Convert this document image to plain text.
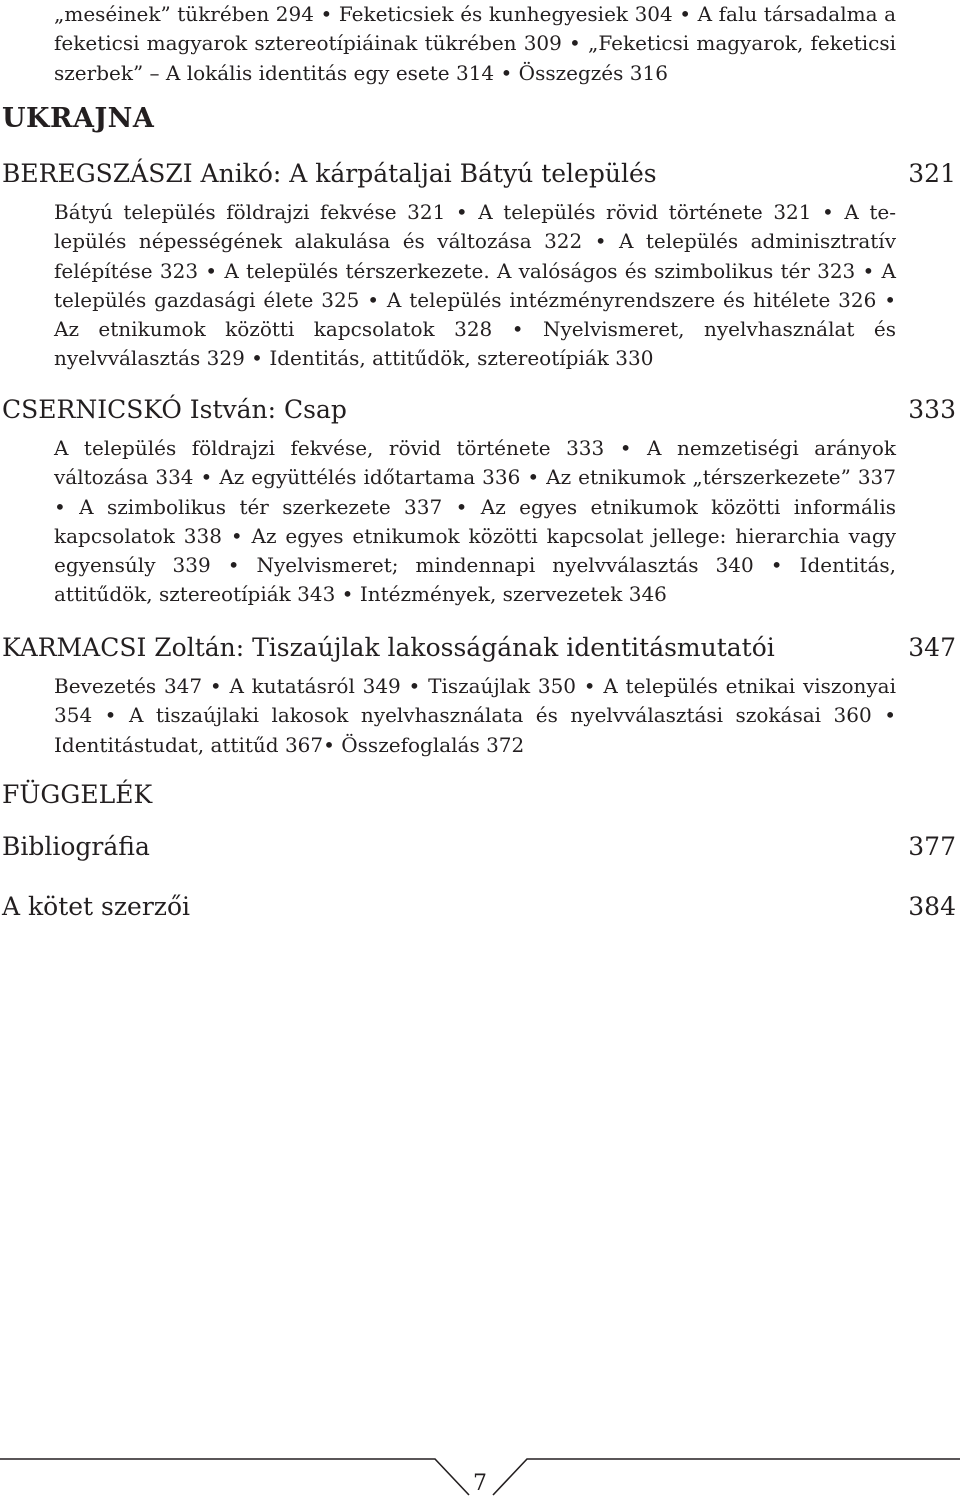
„meséinek” tükrében 294 • Feketicsiek és kunhegyesiek 304 • A falu társadalma a feketicsi magyarok sztereotípiáinak tükrében 309 • „Feketicsi magyarok, feketicsi szerbek” – A lokális identitás egy esete 314 • Összegzés 316

UKRAJNA

BEREGSZÁSZI Anikó: A kárpátaljai Bátyú település	321

Bátyú település földrajzi fekvése 321 • A település rövid története 321 • A település népességének alakulása és változása 322 • A település adminisztratív felépítése 323 • A település térszerkezete. A valóságos és szimbolikus tér 323 • A település gazdasági élete 325 • A település intézményrendszere és hitélete 326 • Az etnikumok közötti kapcsolatok 328 • Nyelvismeret, nyelvhasználat és nyelvválasztás 329 • Identitás, attitűdök, sztereotípiák 330

CSERNICSKÓ István: Csap	333

A település földrajzi fekvése, rövid története 333 • A nemzetiségi arányok változása 334 • Az együttélés időtartama 336 • Az etnikumok „térszerkezete” 337 • A szimbolikus tér szerkezete 337 • Az egyes etnikumok közötti informális kapcsolatok 338 • Az egyes etnikumok közötti kapcsolat jellege: hierarchia vagy egyensúly 339 • Nyelvismeret; mindennapi nyelvválasztás 340 • Identitás, attitűdök, sztereotípiák 343 • Intézmények, szervezetek 346

KARMACSI Zoltán: Tiszaújlak lakosságának identitásmutatói	347

Bevezetés 347 • A kutatásról 349 • Tiszaújlak 350 • A település etnikai viszonyai 354 • A tiszaújlaki lakosok nyelvhasználata és nyelvválasztási szokásai 360 • Identitástudat, attitűd 367• Összefoglalás 372

FÜGGELÉK

Bibliográfia	377

A kötet szerzői	384

7
